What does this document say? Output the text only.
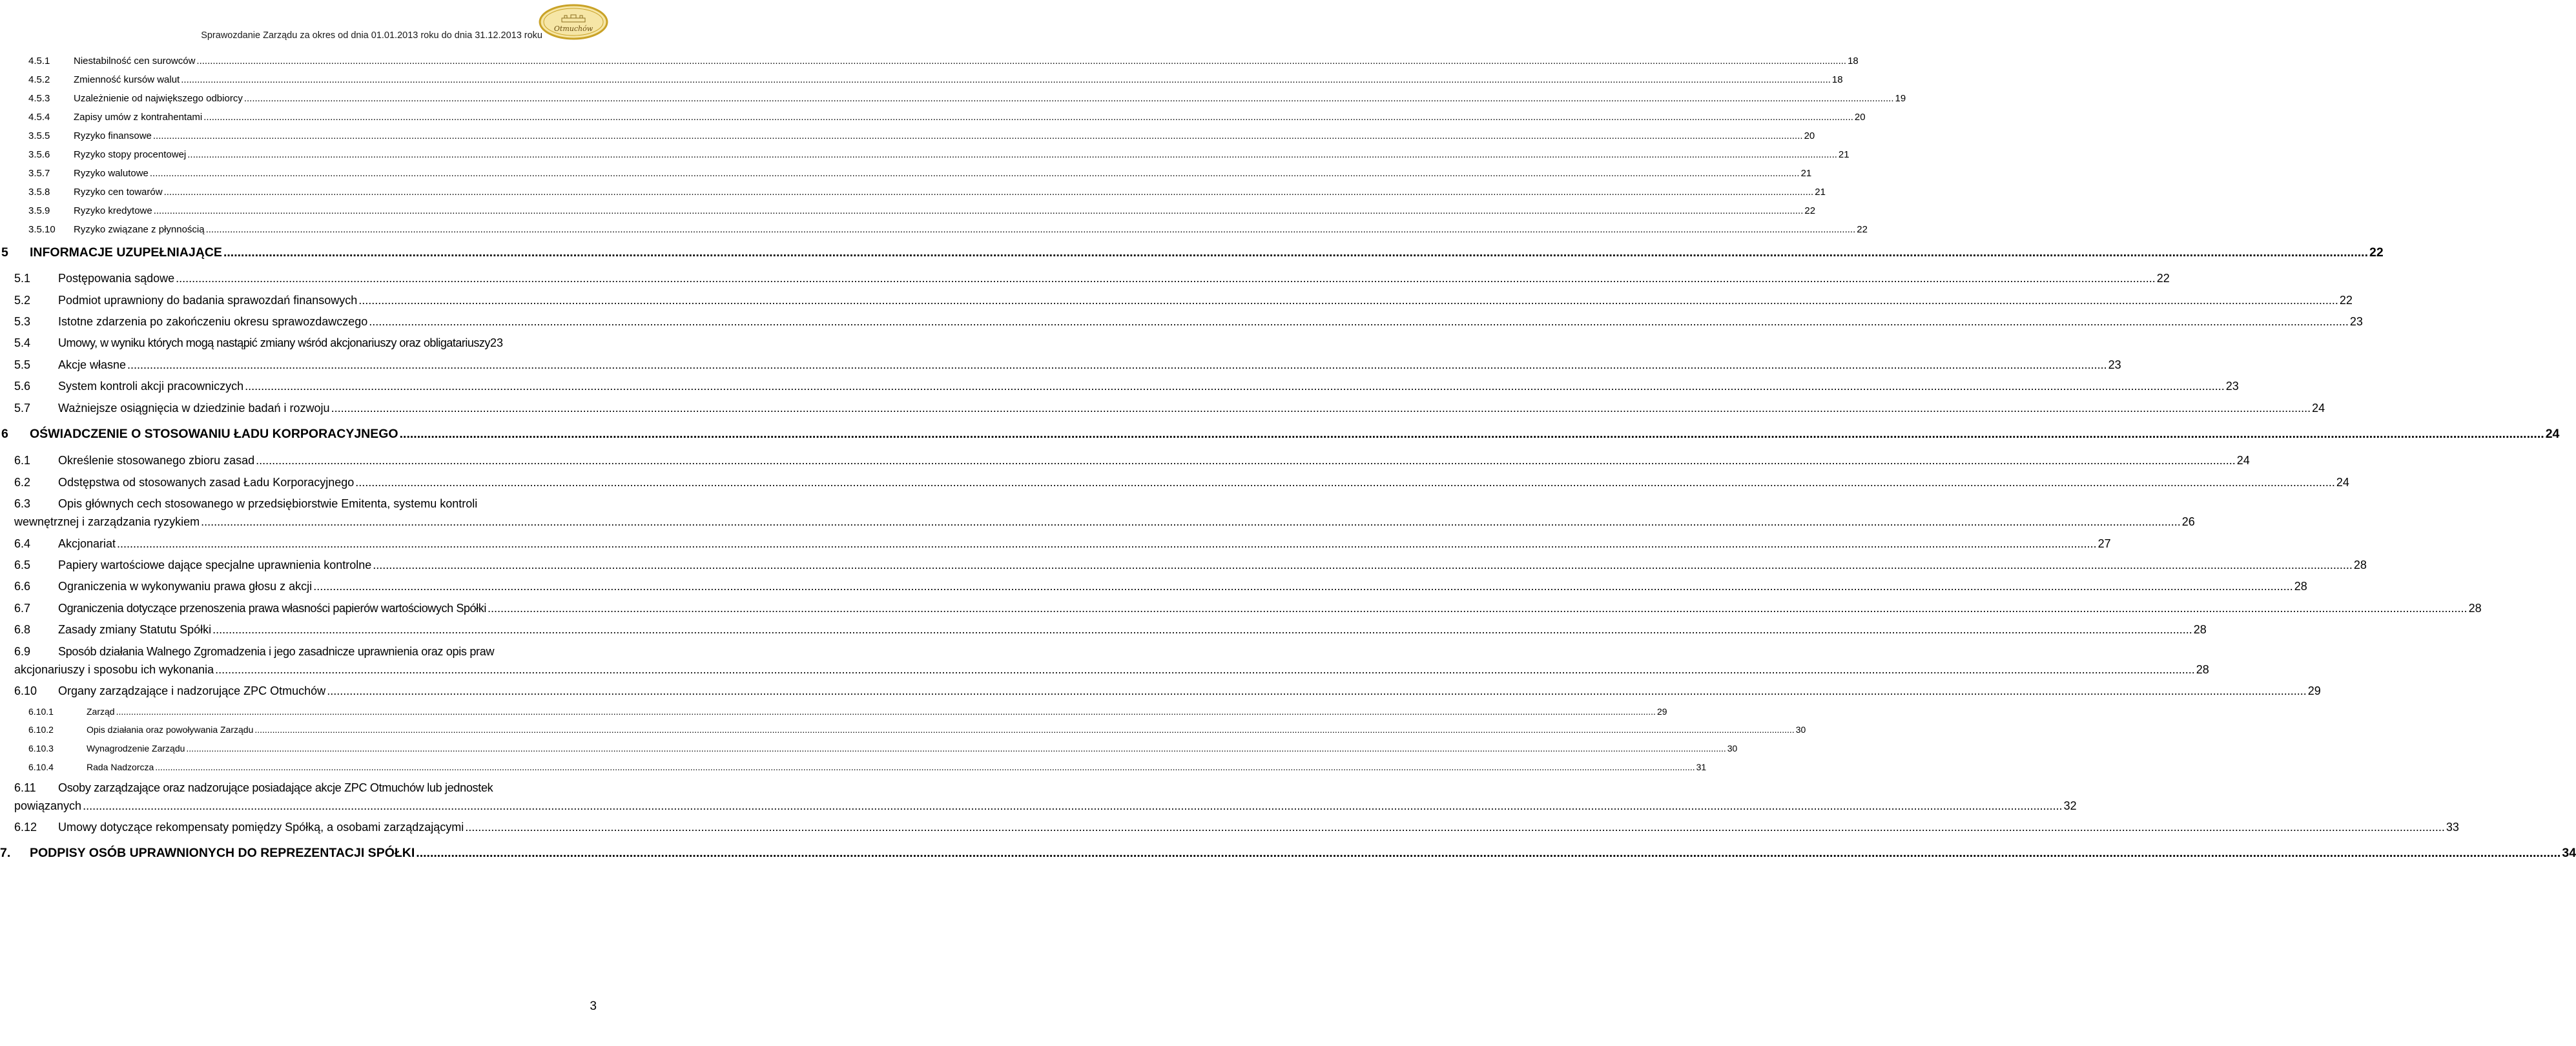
Sprawozdanie Zarządu za okres od dnia 01.01.2013 roku do dnia 31.12.2013 roku
Otmuchów
4.5.1	Niestabilność cen surowców .....	18
4.5.2	Zmienność kursów walut .....	18
4.5.3	Uzależnienie od największego odbiorcy .....	19
4.5.4	Zapisy umów z kontrahentami .....	20
3.5.5	Ryzyko finansowe .....	20
3.5.6	Ryzyko stopy procentowej .....	21
3.5.7	Ryzyko walutowe .....	21
3.5.8	Ryzyko cen towarów .....	21
3.5.9	Ryzyko kredytowe .....	22
3.5.10	Ryzyko związane z płynnością .....	22
5	INFORMACJE UZUPEŁNIAJĄCE .....	22
5.1	Postępowania sądowe .....	22
5.2	Podmiot uprawniony do badania sprawozdań finansowych .....	22
5.3	Istotne zdarzenia po zakończeniu okresu sprawozdawczego .....	23
5.4	Umowy, w wyniku których mogą nastąpić zmiany wśród akcjonariuszy oraz obligatariuszy 23
5.5	Akcje własne .....	23
5.6	System kontroli akcji pracowniczych .....	23
5.7	Ważniejsze osiągnięcia w dziedzinie badań i rozwoju .....	24
6	OŚWIADCZENIE O STOSOWANIU ŁADU KORPORACYJNEGO .....	24
6.1	Określenie stosowanego zbioru zasad .....	24
6.2	Odstępstwa od stosowanych zasad Ładu Korporacyjnego .....	24
6.3	Opis głównych cech stosowanego w przedsiębiorstwie Emitenta, systemu kontroli
wewnętrznej i zarządzania ryzykiem .....	26
6.4	Akcjonariat .....	27
6.5	Papiery wartościowe dające specjalne uprawnienia kontrolne .....	28
6.6	Ograniczenia w wykonywaniu prawa głosu z akcji .....	28
6.7	Ograniczenia dotyczące przenoszenia prawa własności papierów wartościowych Spółki .....	28
6.8	Zasady zmiany Statutu Spółki .....	28
6.9	Sposób działania Walnego Zgromadzenia i jego zasadnicze uprawnienia oraz opis praw
akcjonariuszy i sposobu ich wykonania .....	28
6.10	Organy zarządzające i nadzorujące ZPC Otmuchów .....	29
6.10.1	Zarząd .....	29
6.10.2	Opis działania oraz powoływania Zarządu .....	30
6.10.3	Wynagrodzenie Zarządu .....	30
6.10.4	Rada Nadzorcza .....	31
6.11	Osoby zarządzające oraz nadzorujące posiadające akcje ZPC Otmuchów lub jednostek
powiązanych .....	32
6.12	Umowy dotyczące rekompensaty pomiędzy Spółką, a osobami zarządzającymi .....	33
7.	PODPISY OSÓB UPRAWNIONYCH DO REPREZENTACJI SPÓŁKI .....	34
3
